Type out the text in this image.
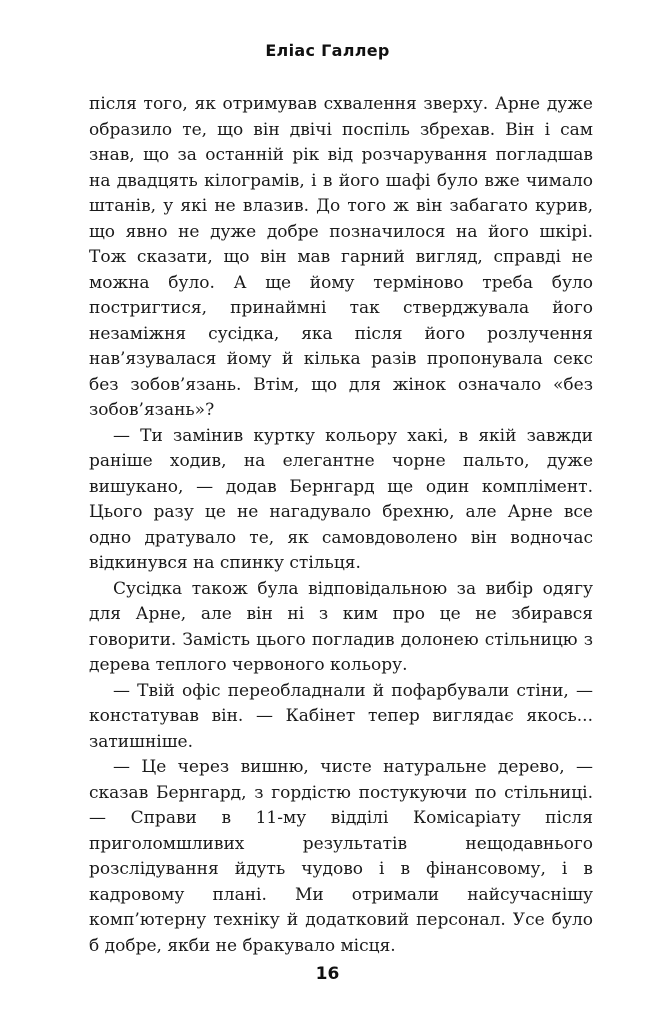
Еліас Галлер

після того, як отримував схвалення зверху. Арне дуже образило те, що він двічі поспіль збрехав. Він і сам знав, що за останній рік від розчарування погладшав на двадцять кілограмів, і в його шафі було вже чимало штанів, у які не влазив. До того ж він забагато курив, що явно не дуже добре позначилося на його шкірі. Тож сказати, що він мав гарний вигляд, справді не можна було. А ще йому терміново треба було постригтися, принаймні так стверджувала його незаміжня сусідка, яка після його розлучення нав’язувалася йому й кілька разів пропонувала секс без зобов’язань. Втім, що для жінок означало «без зобов’язань»?

— Ти замінив куртку кольору хакі, в якій завжди раніше ходив, на елегантне чорне пальто, дуже вишукано, — додав Бернгард ще один комплімент. Цього разу це не нагадувало брехню, але Арне все одно дратувало те, як самовдоволено він водночас відкинувся на спинку стільця.

Сусідка також була відповідальною за вибір одягу для Арне, але він ні з ким про це не збирався говорити. Замість цього погладив долонею стільницю з дерева теплого червоного кольору.

— Твій офіс переобладнали й пофарбували стіни, — констатував він. — Кабінет тепер виглядає якось... затишніше.

— Це через вишню, чисте натуральне дерево, — сказав Бернгард, з гордістю постукуючи по стільниці. — Справи в 11-му відділі Комісаріату після приголомшливих результатів нещодавнього розслідування йдуть чудово і в фінансовому, і в кадровому плані. Ми отримали найсучаснішу комп’ютерну техніку й додатковий персонал. Усе було б добре, якби не бракувало місця.

16
